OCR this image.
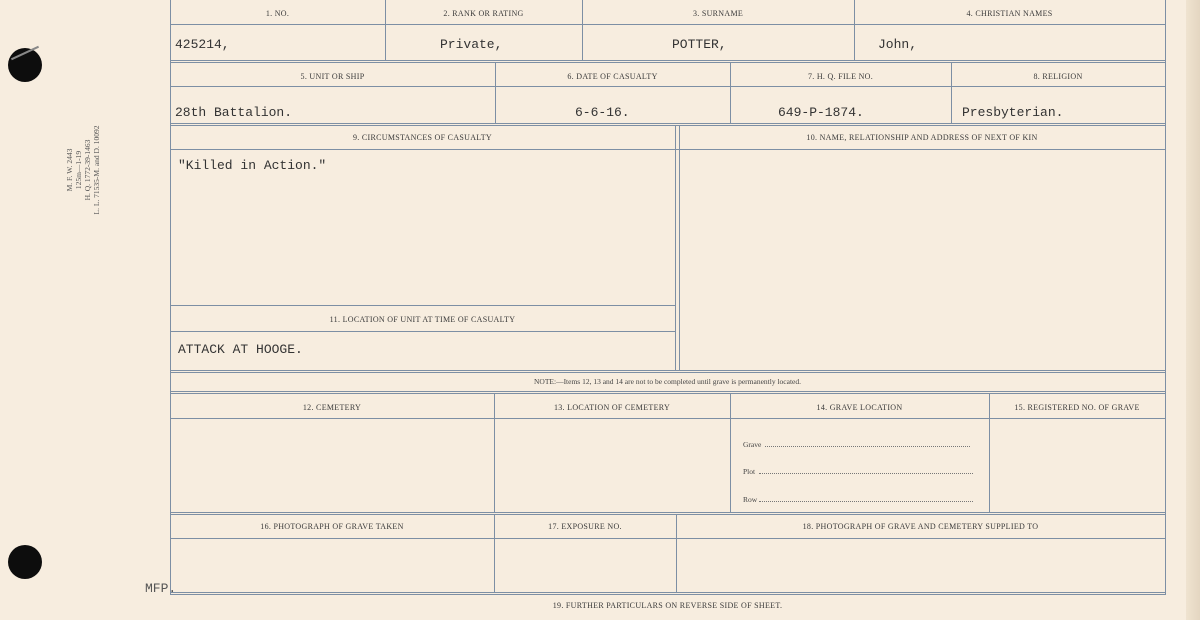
M. F. W. 2443 125m—1-19 H. Q. 1772-39-1463 L. L. 71535-M. and D. 10092
1. NO.	2. RANK OR RATING	3. SURNAME	4. CHRISTIAN NAMES
425214,	Private,	POTTER,	John,
5. UNIT OR SHIP	6. DATE OF CASUALTY	7. H. Q. FILE NO.	8. RELIGION
28th Battalion.	6-6-16.	649-P-1874.	Presbyterian.
9. CIRCUMSTANCES OF CASUALTY	10. NAME, RELATIONSHIP AND ADDRESS OF NEXT OF KIN
"Killed in Action."
11. LOCATION OF UNIT AT TIME OF CASUALTY
ATTACK AT HOOGE.
NOTE:—Items 12, 13 and 14 are not to be completed until grave is permanently located.
12. CEMETERY	13. LOCATION OF CEMETERY	14. GRAVE LOCATION	15. REGISTERED NO. OF GRAVE
Grave
Plot
Row
16. PHOTOGRAPH OF GRAVE TAKEN	17. EXPOSURE NO.	18. PHOTOGRAPH OF GRAVE AND CEMETERY SUPPLIED TO
19. FURTHER PARTICULARS ON REVERSE SIDE OF SHEET.
MFP.
